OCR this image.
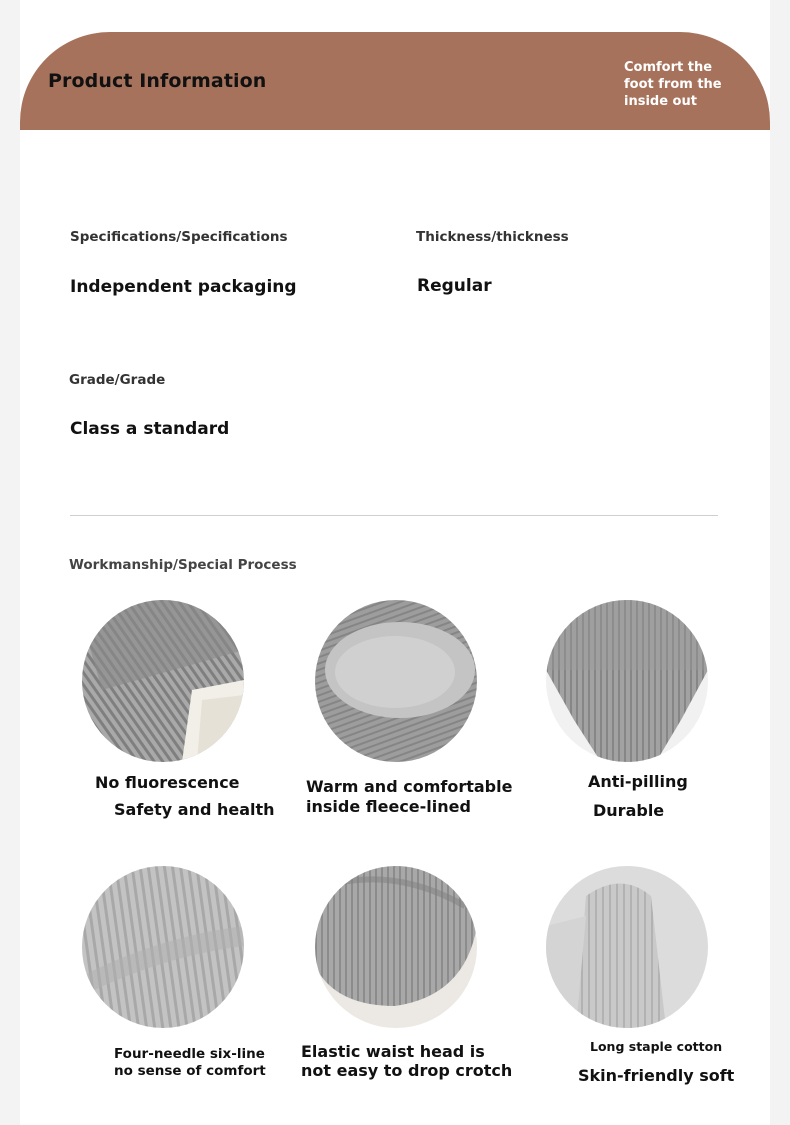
Product Information
Comfort the
foot from the
inside out
Specifications/Specifications
Independent packaging
Thickness/thickness
Regular
Grade/Grade
Class a standard
Workmanship/Special Process
No fluorescence
Safety and health
Warm and comfortable
inside fleece-lined
Anti-pilling
Durable
Four-needle six-line
no sense of comfort
Elastic waist head is
not easy to drop crotch
Long staple cotton
Skin-friendly soft
